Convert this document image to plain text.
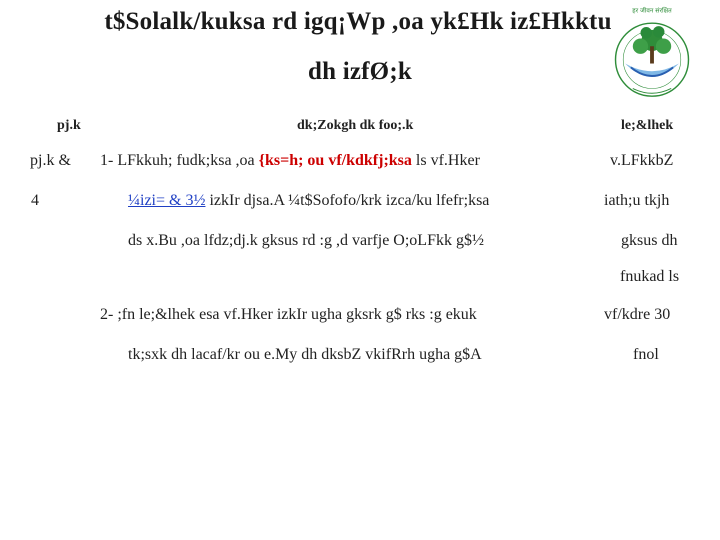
t$Solalk/kuksa rd igq¡Wp ,oa yk£Hk iz£Hkktu
dh izfØ;k
हर जीवन संरक्षित
pj.k	dk;Zokgh dk foo;.k	le;&lhek
pj.k &
4
1- LFkkuh; fudk;ksa ,oa {ks=h; ou vf/kdkfj;ksa ls vf.Hker
¼izi= & 3½ izkIr djsa.A ¼t$Sofofo/krk izca/ku lfefr;ksa
ds x.Bu ,oa lfdz;dj.k gksus rd :g ,d varfje O;oLFkk g$½
2- ;fn le;&lhek esa vf.Hker izkIr ugha gksrk g$ rks :g ekuk
tk;sxk dh lacaf/kr ou e.My dh dksbZ vkifRrh ugha g$A
v.LFkkbZ
iath;u tkjh
gksus dh
fnukad ls
vf/kdre 30
fnol
